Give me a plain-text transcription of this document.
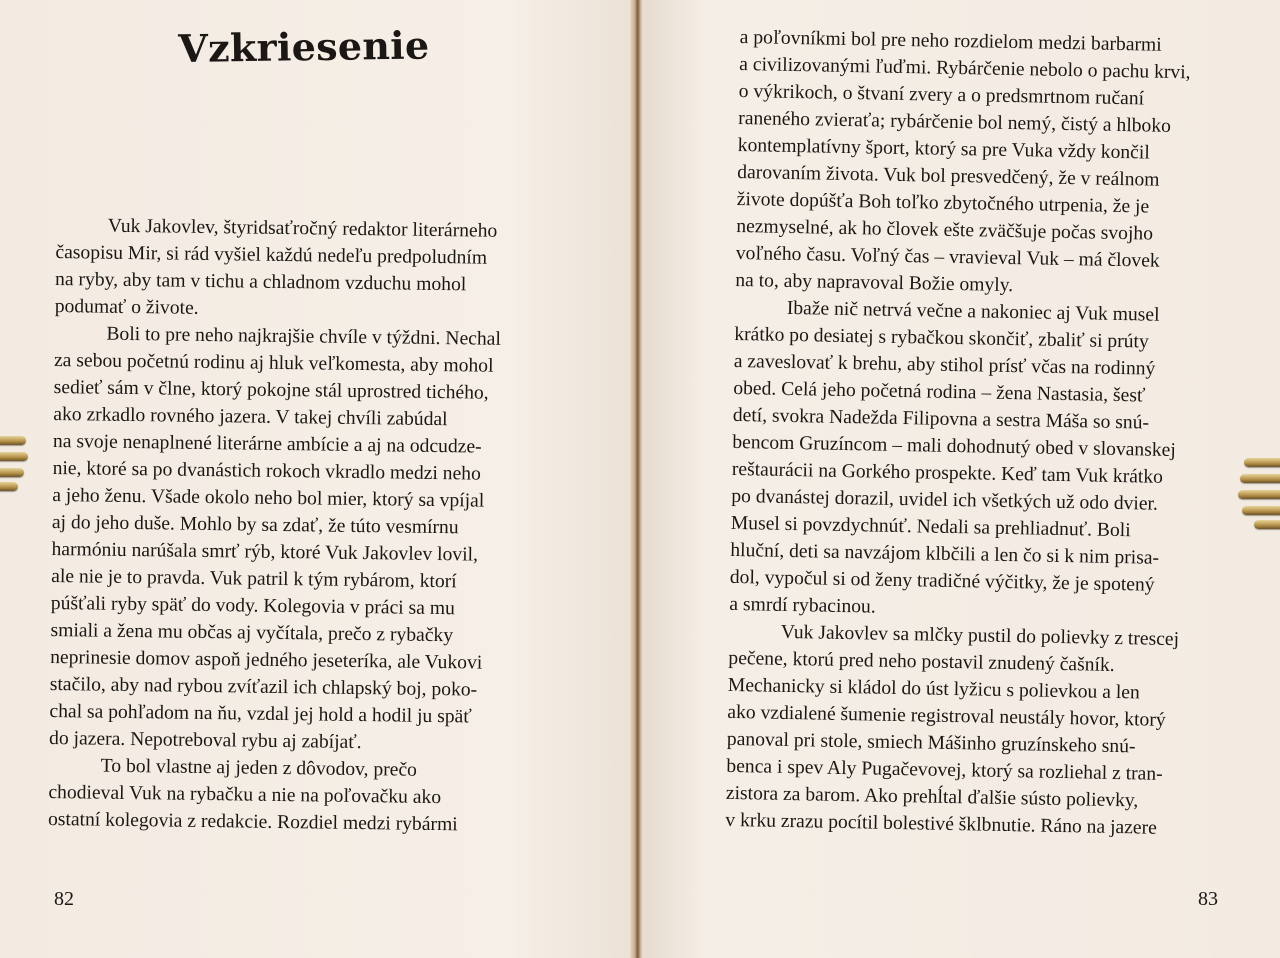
Vzkriesenie
Vuk Jakovlev, štyridsaťročný redaktor literárneho
časopisu Mir, si rád vyšiel každú nedeľu predpoludním
na ryby, aby tam v tichu a chladnom vzduchu mohol
podumať o živote.
Boli to pre neho najkrajšie chvíle v týždni. Nechal
za sebou početnú rodinu aj hluk veľkomesta, aby mohol
sedieť sám v člne, ktorý pokojne stál uprostred tichého,
ako zrkadlo rovného jazera. V takej chvíli zabúdal
na svoje nenaplnené literárne ambície a aj na odcudze-
nie, ktoré sa po dvanástich rokoch vkradlo medzi neho
a jeho ženu. Všade okolo neho bol mier, ktorý sa vpíjal
aj do jeho duše. Mohlo by sa zdať, že túto vesmírnu
harmóniu narúšala smrť rýb, ktoré Vuk Jakovlev lovil,
ale nie je to pravda. Vuk patril k tým rybárom, ktorí
púšťali ryby späť do vody. Kolegovia v práci sa mu
smiali a žena mu občas aj vyčítala, prečo z rybačky
neprinesie domov aspoň jedného jeseteríka, ale Vukovi
stačilo, aby nad rybou zvíťazil ich chlapský boj, poko-
chal sa pohľadom na ňu, vzdal jej hold a hodil ju späť
do jazera. Nepotreboval rybu aj zabíjať.
To bol vlastne aj jeden z dôvodov, prečo
chodieval Vuk na rybačku a nie na poľovačku ako
ostatní kolegovia z redakcie. Rozdiel medzi rybármi
82
a poľovníkmi bol pre neho rozdielom medzi barbarmi
a civilizovanými ľuďmi. Rybárčenie nebolo o pachu krvi,
o výkrikoch, o štvaní zvery a o predsmrtnom ručaní
raneného zvieraťa; rybárčenie bol nemý, čistý a hlboko
kontemplatívny šport, ktorý sa pre Vuka vždy končil
darovaním života. Vuk bol presvedčený, že v reálnom
živote dopúšťa Boh toľko zbytočného utrpenia, že je
nezmyselné, ak ho človek ešte zväčšuje počas svojho
voľného času. Voľný čas – vravieval Vuk – má človek
na to, aby napravoval Božie omyly.
Ibaže nič netrvá večne a nakoniec aj Vuk musel
krátko po desiatej s rybačkou skončiť, zbaliť si prúty
a zaveslovať k brehu, aby stihol prísť včas na rodinný
obed. Celá jeho početná rodina – žena Nastasia, šesť
detí, svokra Nadežda Filipovna a sestra Máša so snú-
bencom Gruzíncom – mali dohodnutý obed v slovanskej
reštaurácii na Gorkého prospekte. Keď tam Vuk krátko
po dvanástej dorazil, uvidel ich všetkých už odo dvier.
Musel si povzdychnúť. Nedali sa prehliadnuť. Boli
hluční, deti sa navzájom klbčili a len čo si k nim prisa-
dol, vypočul si od ženy tradičné výčitky, že je spotený
a smrdí rybacinou.
Vuk Jakovlev sa mlčky pustil do polievky z trescej
pečene, ktorú pred neho postavil znudený čašník.
Mechanicky si kládol do úst lyžicu s polievkou a len
ako vzdialené šumenie registroval neustály hovor, ktorý
panoval pri stole, smiech Mášinho gruzínskeho snú-
benca i spev Aly Pugačevovej, ktorý sa rozliehal z tran-
zistora za barom. Ako prehĺtal ďalšie sústo polievky,
v krku zrazu pocítil bolestivé šklbnutie. Ráno na jazere
83
